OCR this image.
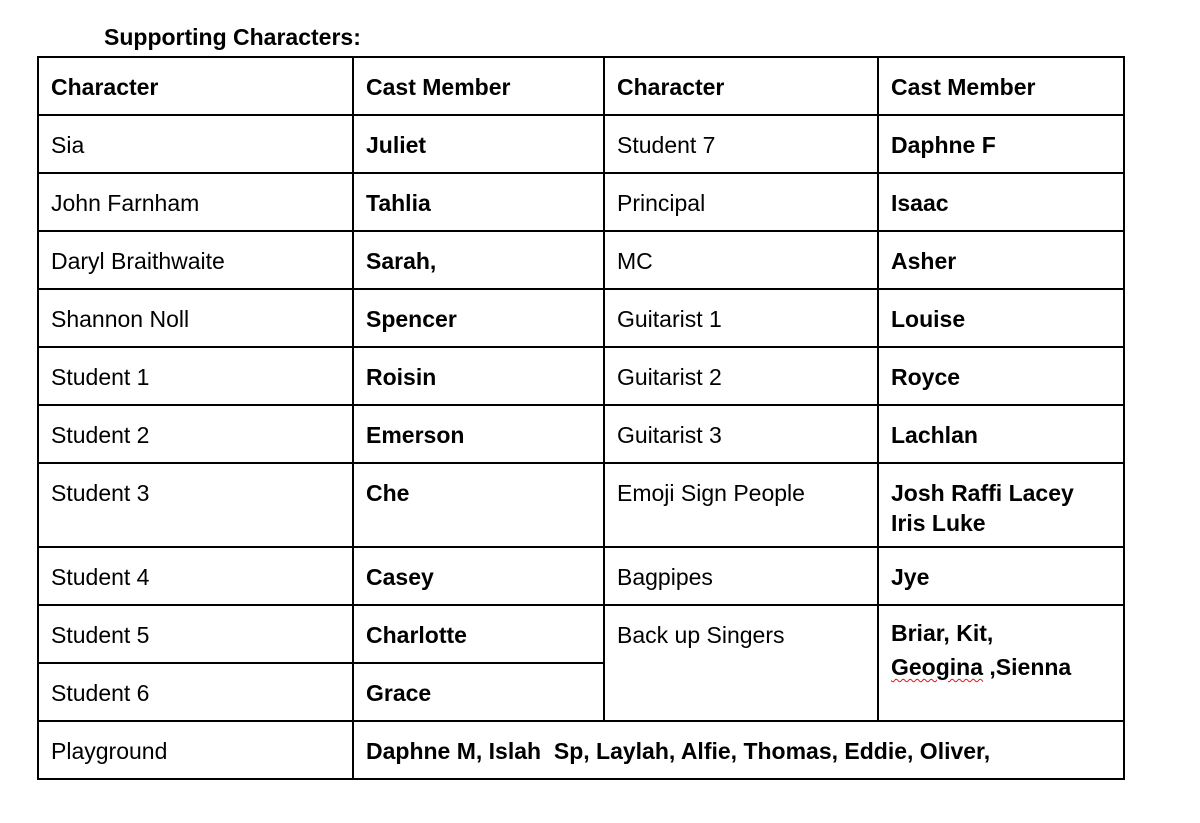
Supporting Characters:
Character	Cast Member	Character	Cast Member
Sia	Juliet	Student 7	Daphne F
John Farnham	Tahlia	Principal	Isaac
Daryl Braithwaite	Sarah,	MC	Asher
Shannon Noll	Spencer	Guitarist 1	Louise
Student 1	Roisin	Guitarist 2	Royce
Student 2	Emerson	Guitarist 3	Lachlan
Student 3	Che	Emoji Sign People	Josh Raffi Lacey
Iris Luke
Student 4	Casey	Bagpipes	Jye
Student 5	Charlotte	Back up Singers	Briar, Kit,
Geogina ,Sienna
Student 6	Grace		
Playground	Daphne M, Islah  Sp, Laylah, Alfie, Thomas, Eddie, Oliver,		
